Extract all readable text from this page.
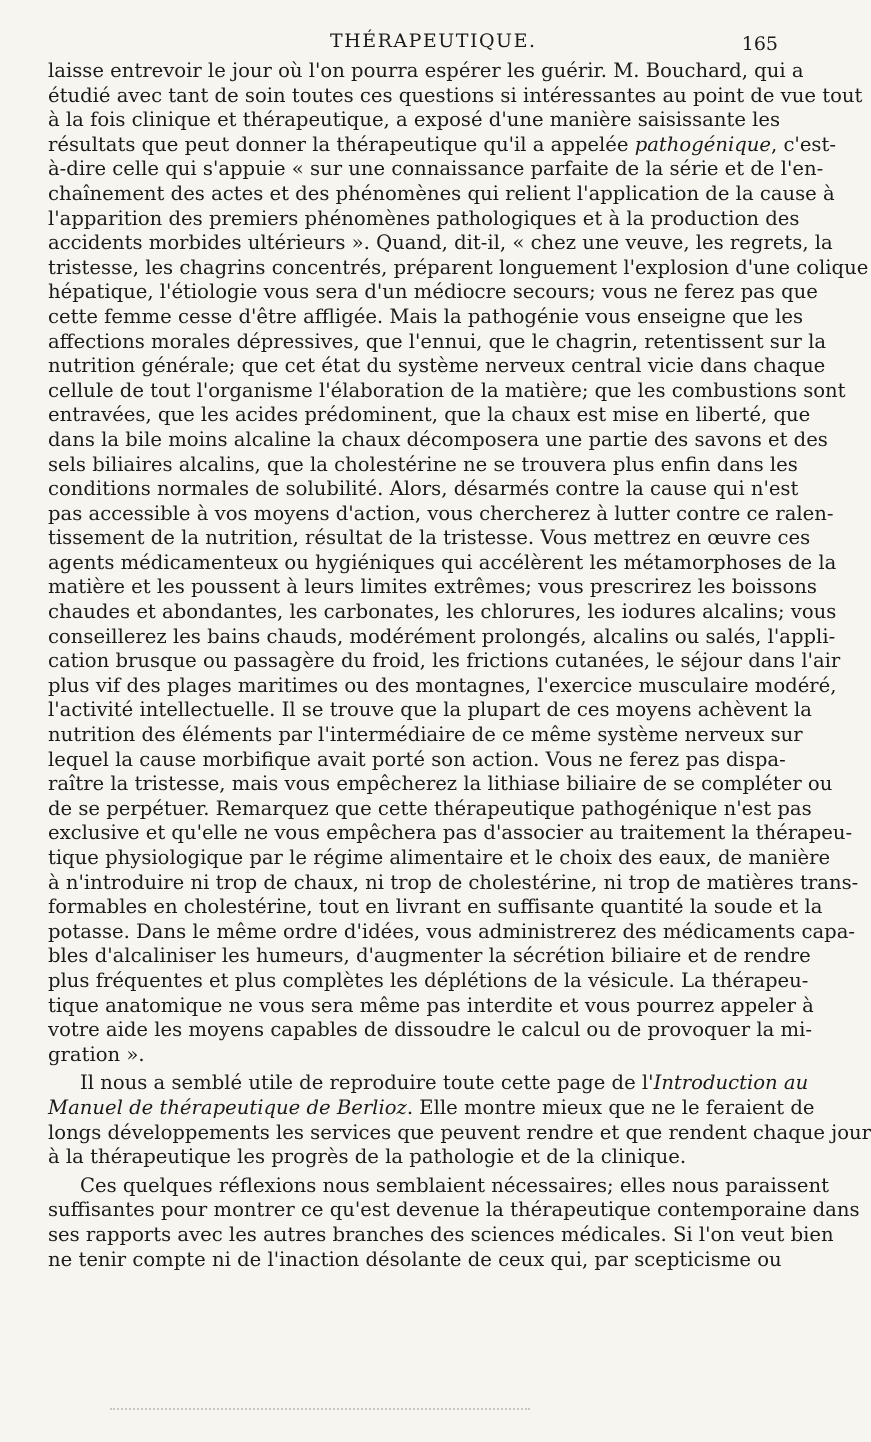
THÉRAPEUTIQUE.	165

laisse entrevoir le jour où l'on pourra espérer les guérir. M. Bouchard, qui a
étudié avec tant de soin toutes ces questions si intéressantes au point de vue tout
à la fois clinique et thérapeutique, a exposé d'une manière saisissante les
résultats que peut donner la thérapeutique qu'il a appelée pathogénique, c'est-
à-dire celle qui s'appuie « sur une connaissance parfaite de la série et de l'en-
chaînement des actes et des phénomènes qui relient l'application de la cause à
l'apparition des premiers phénomènes pathologiques et à la production des
accidents morbides ultérieurs ». Quand, dit-il, « chez une veuve, les regrets, la
tristesse, les chagrins concentrés, préparent longuement l'explosion d'une colique
hépatique, l'étiologie vous sera d'un médiocre secours; vous ne ferez pas que
cette femme cesse d'être affligée. Mais la pathogénie vous enseigne que les
affections morales dépressives, que l'ennui, que le chagrin, retentissent sur la
nutrition générale; que cet état du système nerveux central vicie dans chaque
cellule de tout l'organisme l'élaboration de la matière; que les combustions sont
entravées, que les acides prédominent, que la chaux est mise en liberté, que
dans la bile moins alcaline la chaux décomposera une partie des savons et des
sels biliaires alcalins, que la cholestérine ne se trouvera plus enfin dans les
conditions normales de solubilité. Alors, désarmés contre la cause qui n'est
pas accessible à vos moyens d'action, vous chercherez à lutter contre ce ralen-
tissement de la nutrition, résultat de la tristesse. Vous mettrez en œuvre ces
agents médicamenteux ou hygiéniques qui accélèrent les métamorphoses de la
matière et les poussent à leurs limites extrêmes; vous prescrirez les boissons
chaudes et abondantes, les carbonates, les chlorures, les iodures alcalins; vous
conseillerez les bains chauds, modérément prolongés, alcalins ou salés, l'appli-
cation brusque ou passagère du froid, les frictions cutanées, le séjour dans l'air
plus vif des plages maritimes ou des montagnes, l'exercice musculaire modéré,
l'activité intellectuelle. Il se trouve que la plupart de ces moyens achèvent la
nutrition des éléments par l'intermédiaire de ce même système nerveux sur
lequel la cause morbifique avait porté son action. Vous ne ferez pas dispa-
raître la tristesse, mais vous empêcherez la lithiase biliaire de se compléter ou
de se perpétuer. Remarquez que cette thérapeutique pathogénique n'est pas
exclusive et qu'elle ne vous empêchera pas d'associer au traitement la thérapeu-
tique physiologique par le régime alimentaire et le choix des eaux, de manière
à n'introduire ni trop de chaux, ni trop de cholestérine, ni trop de matières trans-
formables en cholestérine, tout en livrant en suffisante quantité la soude et la
potasse. Dans le même ordre d'idées, vous administrerez des médicaments capa-
bles d'alcaliniser les humeurs, d'augmenter la sécrétion biliaire et de rendre
plus fréquentes et plus complètes les déplétions de la vésicule. La thérapeu-
tique anatomique ne vous sera même pas interdite et vous pourrez appeler à
votre aide les moyens capables de dissoudre le calcul ou de provoquer la mi-
gration ».

Il nous a semblé utile de reproduire toute cette page de l'Introduction au
Manuel de thérapeutique de Berlioz. Elle montre mieux que ne le feraient de
longs développements les services que peuvent rendre et que rendent chaque jour
à la thérapeutique les progrès de la pathologie et de la clinique.

Ces quelques réflexions nous semblaient nécessaires; elles nous paraissent
suffisantes pour montrer ce qu'est devenue la thérapeutique contemporaine dans
ses rapports avec les autres branches des sciences médicales. Si l'on veut bien
ne tenir compte ni de l'inaction désolante de ceux qui, par scepticisme ou
